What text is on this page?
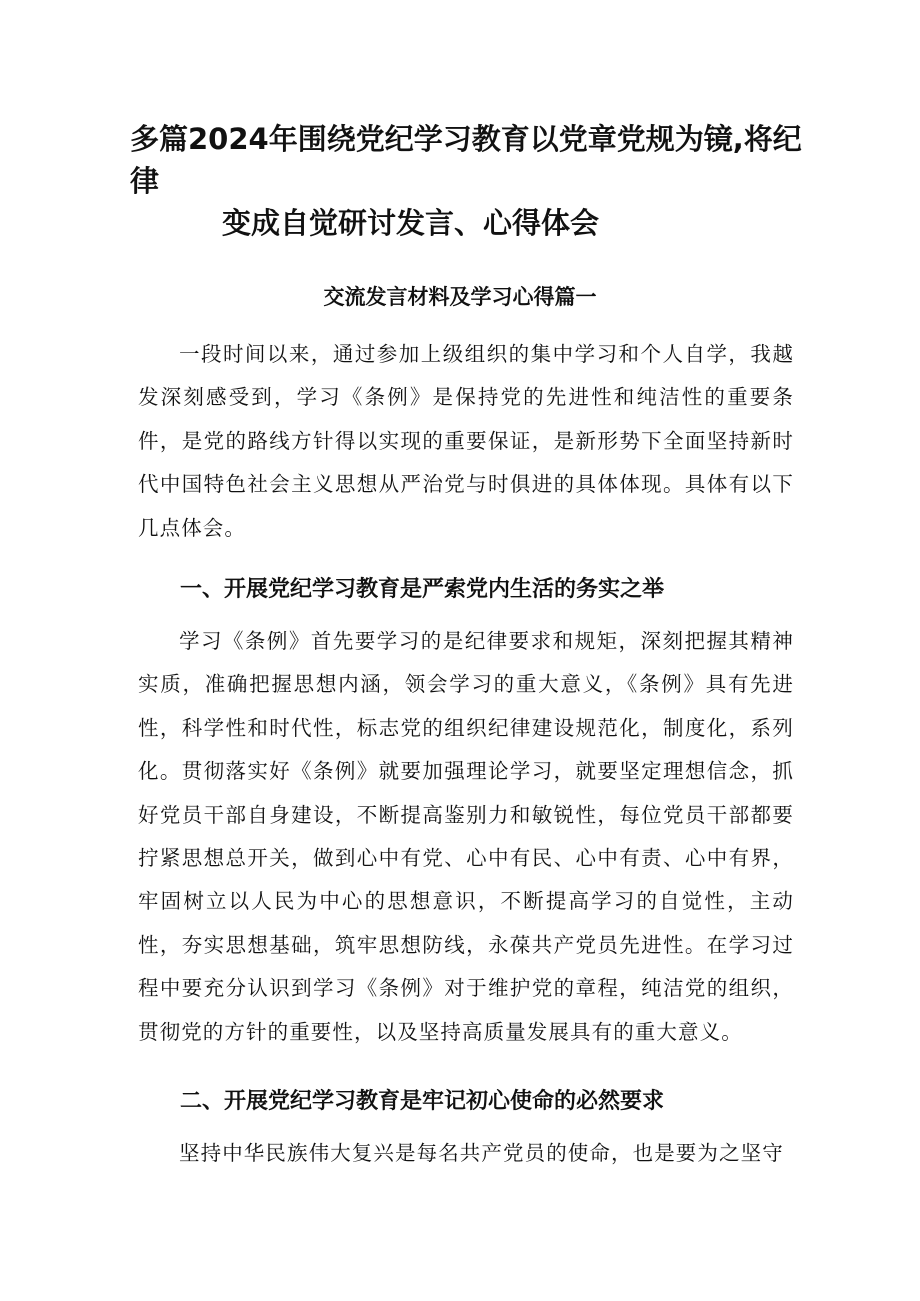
多篇2024年围绕党纪学习教育以党章党规为镜,将纪律
变成自觉研讨发言、心得体会
交流发言材料及学习心得篇一

一段时间以来，通过参加上级组织的集中学习和个人自学，我越发深刻感受到，学习《条例》是保持党的先进性和纯洁性的重要条件，是党的路线方针得以实现的重要保证，是新形势下全面坚持新时代中国特色社会主义思想从严治党与时俱进的具体体现。具体有以下几点体会。

一、开展党纪学习教育是严索党内生活的务实之举

学习《条例》首先要学习的是纪律要求和规矩，深刻把握其精神实质，准确把握思想内涵，领会学习的重大意义，《条例》具有先进性，科学性和时代性，标志党的组织纪律建设规范化，制度化，系列化。贯彻落实好《条例》就要加强理论学习，就要坚定理想信念，抓好党员干部自身建设，不断提高鉴别力和敏锐性，每位党员干部都要拧紧思想总开关，做到心中有党、心中有民、心中有责、心中有界，牢固树立以人民为中心的思想意识，不断提高学习的自觉性，主动性，夯实思想基础，筑牢思想防线，永葆共产党员先进性。在学习过程中要充分认识到学习《条例》对于维护党的章程，纯洁党的组织，贯彻党的方针的重要性，以及坚持高质量发展具有的重大意义。

二、开展党纪学习教育是牢记初心使命的必然要求

坚持中华民族伟大复兴是每名共产党员的使命，也是要为之坚守
